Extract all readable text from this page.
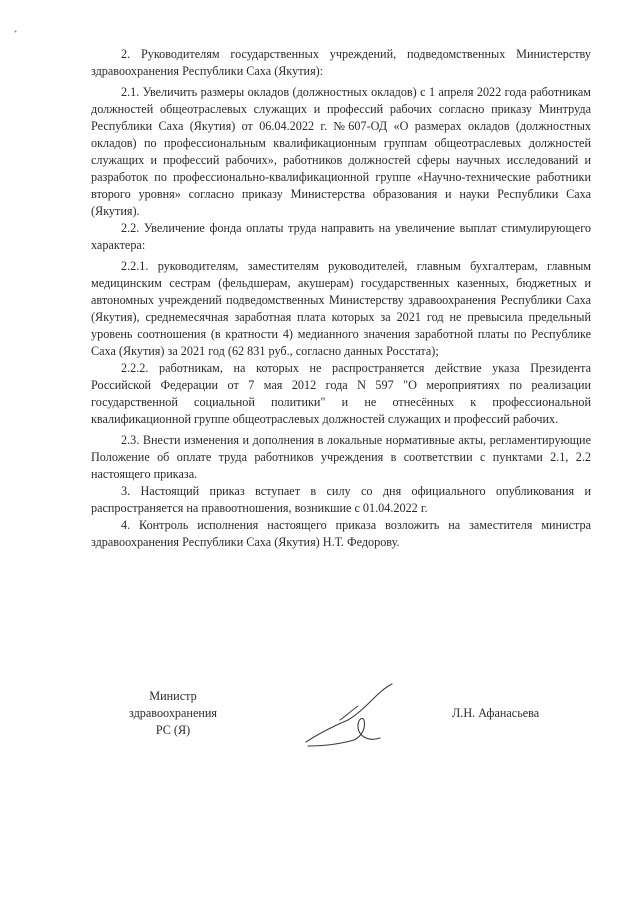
2. Руководителям государственных учреждений, подведомственных Министерству здравоохранения Республики Саха (Якутия):

2.1. Увеличить размеры окладов (должностных окладов) с 1 апреля 2022 года работникам должностей общеотраслевых служащих и профессий рабочих согласно приказу Минтруда Республики Саха (Якутия) от 06.04.2022 г. №607-ОД «О размерах окладов (должностных окладов) по профессиональным квалификационным группам общеотраслевых должностей служащих и профессий рабочих», работников должностей сферы научных исследований и разработок по профессионально-квалификационной группе «Научно-технические работники второго уровня» согласно приказу Министерства образования и науки Республики Саха (Якутия).

2.2. Увеличение фонда оплаты труда направить на увеличение выплат стимулирующего характера:

2.2.1. руководителям, заместителям руководителей, главным бухгалтерам, главным медицинским сестрам (фельдшерам, акушерам) государственных казенных, бюджетных и автономных учреждений подведомственных Министерству здравоохранения Республики Саха (Якутия), среднемесячная заработная плата которых за 2021 год не превысила предельный уровень соотношения (в кратности 4) медианного значения заработной платы по Республике Саха (Якутия) за 2021 год (62 831 руб., согласно данных Росстата);

2.2.2. работникам, на которых не распространяется действие указа Президента Российской Федерации от 7 мая 2012 года N 597 "О мероприятиях по реализации государственной социальной политики" и не отнесённых к профессиональной квалификационной группе общеотраслевых должностей служащих и профессий рабочих.

2.3. Внести изменения и дополнения в локальные нормативные акты, регламентирующие Положение об оплате труда работников учреждения в соответствии с пунктами 2.1, 2.2 настоящего приказа.

3. Настоящий приказ вступает в силу со дня официального опубликования и распространяется на правоотношения, возникшие с 01.04.2022 г.

4. Контроль исполнения настоящего приказа возложить на заместителя министра здравоохранения Республики Саха (Якутия) Н.Т. Федорову.

Министр
здравоохранения
РС (Я)
Л.Н. Афанасьева
